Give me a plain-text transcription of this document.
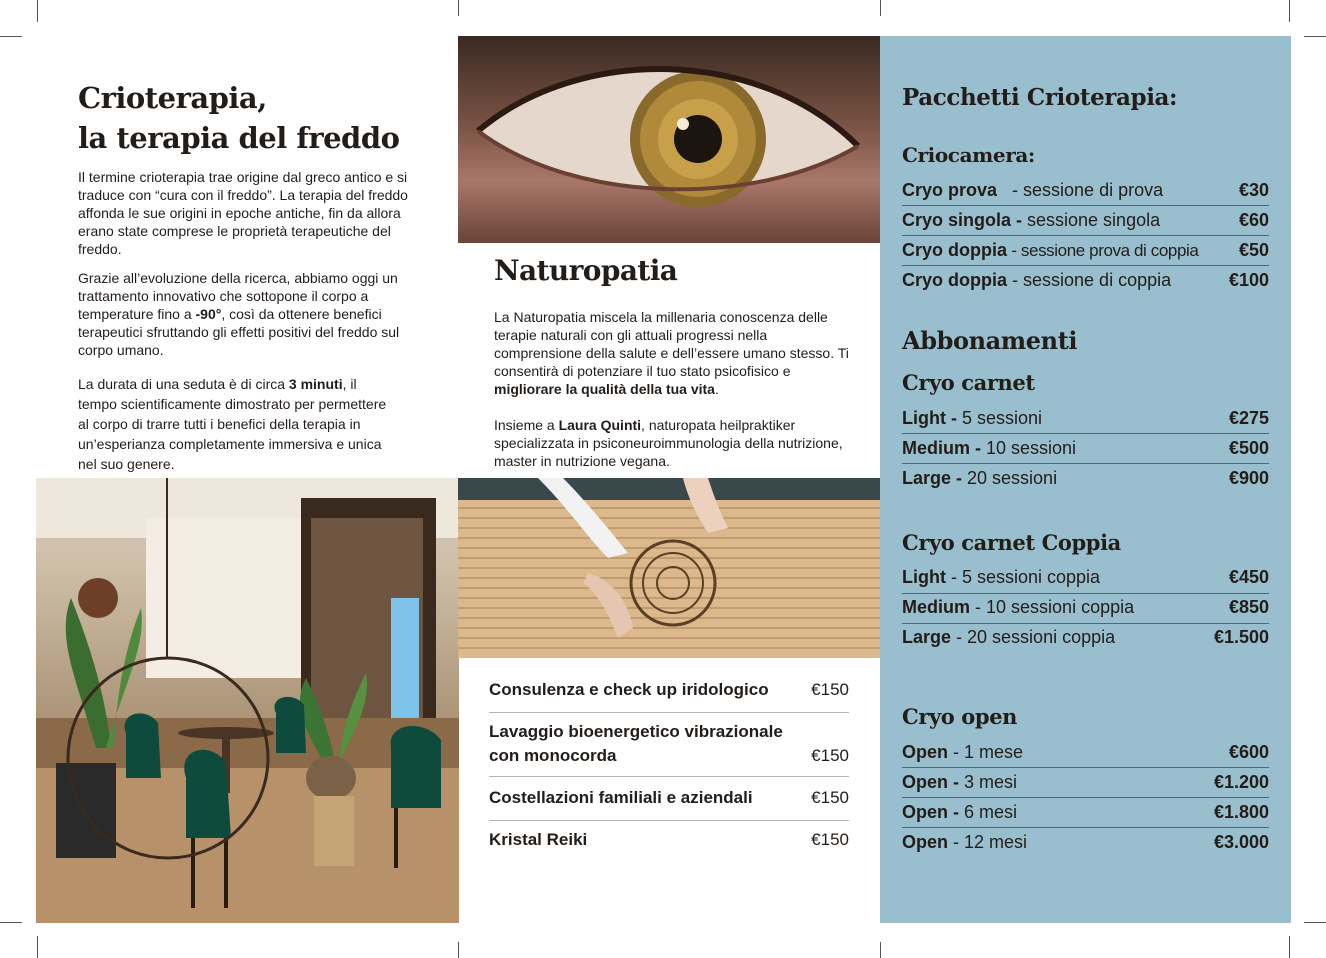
Crioterapia,
la terapia del freddo

Il termine crioterapia trae origine dal greco antico e si traduce con “cura con il freddo”. La terapia del freddo affonda le sue origini in epoche antiche, fin da allora erano state comprese le proprietà terapeutiche del freddo.

Grazie all’evoluzione della ricerca, abbiamo oggi un trattamento innovativo che sottopone il corpo a temperature fino a -90°, così da ottenere benefici terapeutici sfruttando gli effetti positivi del freddo sul corpo umano.

La durata di una seduta è di circa 3 minuti, il tempo scientificamente dimostrato per permettere al corpo di trarre tutti i benefici della terapia in un’esperianza completamente immersiva e unica nel suo genere.

Naturopatia

La Naturopatia miscela la millenaria conoscenza delle terapie naturali con gli attuali progressi nella comprensione della salute e dell’essere umano stesso. Ti consentirà di potenziare il tuo stato psicofisico e migliorare la qualità della tua vita.

Insieme a Laura Quinti, naturopata heilpraktiker specializzata in psiconeuroimmunologia della nutrizione, master in nutrizione vegana.

Consulenza e check up iridologico	€150
Lavaggio bioenergetico vibrazionale
con monocorda	€150
Costellazioni familiali e aziendali	€150
Kristal Reiki	€150
Pacchetti Crioterapia:
Criocamera:
Cryo prova   - sessione di prova	€30
Cryo singola - sessione singola	€60
Cryo doppia - sessione prova di coppia €50
Cryo doppia - sessione di coppia	€100
Abbonamenti
Cryo carnet
Light - 5 sessioni	€275
Medium - 10 sessioni	€500
Large - 20 sessioni	€900
Cryo carnet Coppia
Light - 5 sessioni coppia	€450
Medium - 10 sessioni coppia	€850
Large - 20 sessioni coppia	€1.500
Cryo open
Open - 1 mese	€600
Open - 3 mesi	€1.200
Open - 6 mesi	€1.800
Open - 12 mesi	€3.000
